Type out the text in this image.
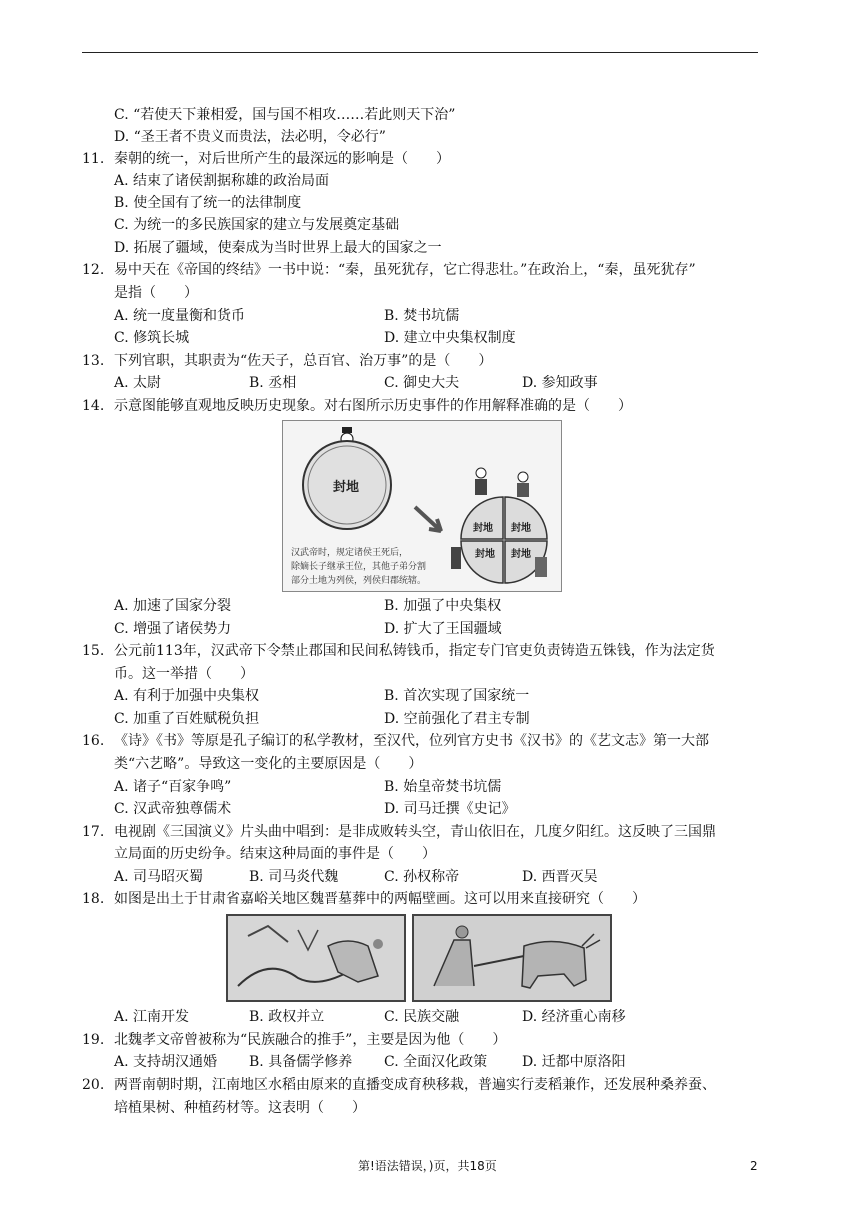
C. “若使天下兼相爱，国与国不相攻……若此则天下治”
D. “圣王者不贵义而贵法，法必明，令必行”
11. 秦朝的统一，对后世所产生的最深远的影响是（　　）
A. 结束了诸侯割据称雄的政治局面
B. 使全国有了统一的法律制度
C. 为统一的多民族国家的建立与发展奠定基础
D. 拓展了疆域，使秦成为当时世界上最大的国家之一
12. 易中天在《帝国的终结》一书中说：“秦，虽死犹存，它亡得悲壮。”在政治上，“秦，虽死犹存”
是指（　　）
A. 统一度量衡和货币	B. 焚书坑儒
C. 修筑长城	D. 建立中央集权制度
13. 下列官职，其职责为“佐天子，总百官、治万事”的是（　　）
A. 太尉	B. 丞相	C. 御史大夫	D. 参知政事
14. 示意图能够直观地反映历史现象。对右图所示历史事件的作用解释准确的是（　　）
封地
封地 封地
封地 封地
汉武帝时，规定诸侯王死后，
除嫡长子继承王位，其他子弟分割
部分土地为列侯，列侯归郡统辖。
A. 加速了国家分裂	B. 加强了中央集权
C. 增强了诸侯势力	D. 扩大了王国疆域
15. 公元前113年，汉武帝下令禁止郡国和民间私铸钱币，指定专门官吏负责铸造五铢钱，作为法定货
币。这一举措（　　）
A. 有利于加强中央集权	B. 首次实现了国家统一
C. 加重了百姓赋税负担	D. 空前强化了君主专制
16. 《诗》《书》等原是孔子编订的私学教材，至汉代，位列官方史书《汉书》的《艺文志》第一大部
类“六艺略”。导致这一变化的主要原因是（　　）
A. 诸子“百家争鸣”	B. 始皇帝焚书坑儒
C. 汉武帝独尊儒术	D. 司马迁撰《史记》
17. 电视剧《三国演义》片头曲中唱到：是非成败转头空，青山依旧在，几度夕阳红。这反映了三国鼎
立局面的历史纷争。结束这种局面的事件是（　　）
A. 司马昭灭蜀	B. 司马炎代魏	C. 孙权称帝	D. 西晋灭吴
18. 如图是出土于甘肃省嘉峪关地区魏晋墓葬中的两幅壁画。这可以用来直接研究（　　）
A. 江南开发	B. 政权并立	C. 民族交融	D. 经济重心南移
19. 北魏孝文帝曾被称为“民族融合的推手”，主要是因为他（　　）
A. 支持胡汉通婚 B. 具备儒学修养 C. 全面汉化政策 D. 迁都中原洛阳
20. 两晋南朝时期，江南地区水稻由原来的直播变成育秧移栽，普遍实行麦稻兼作，还发展种桑养蚕、
培植果树、种植药材等。这表明（　　）
第!语法错误，)页，共18页	2
